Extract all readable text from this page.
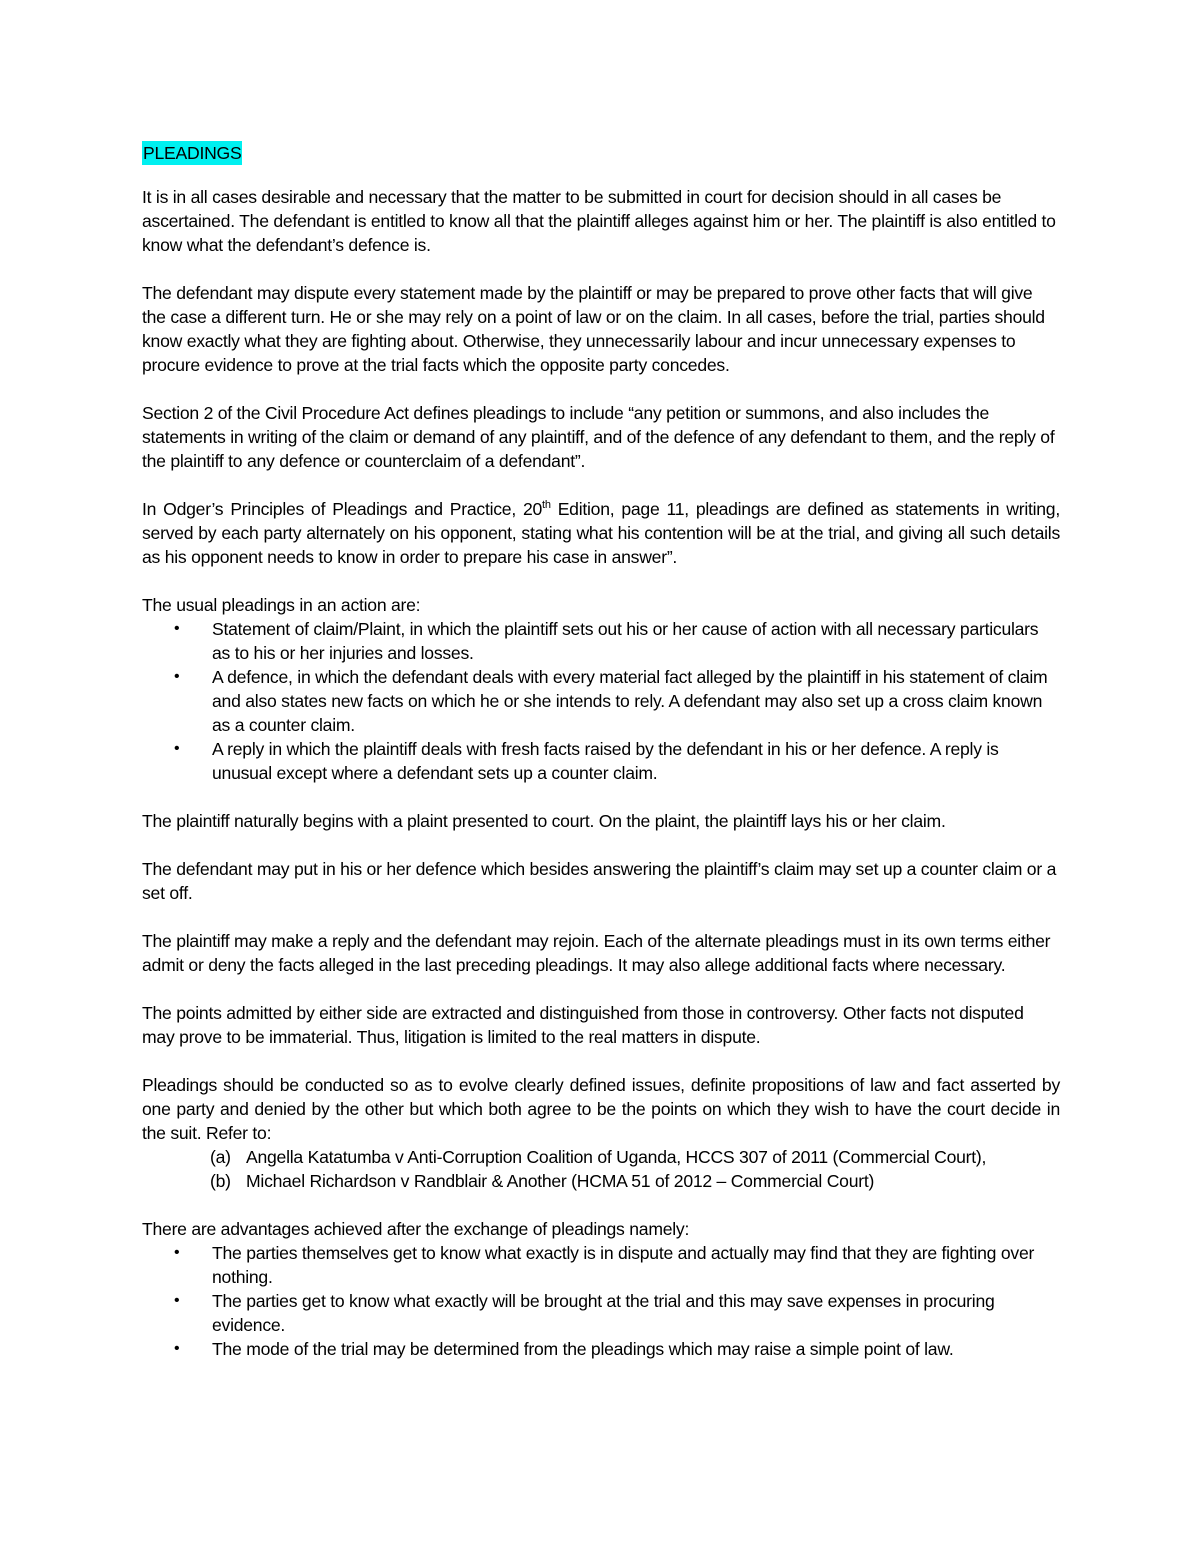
PLEADINGS

It is in all cases desirable and necessary that the matter to be submitted in court for decision should in all cases be ascertained. The defendant is entitled to know all that the plaintiff alleges against him or her. The plaintiff is also entitled to know what the defendant’s defence is.

The defendant may dispute every statement made by the plaintiff or may be prepared to prove other facts that will give the case a different turn. He or she may rely on a point of law or on the claim. In all cases, before the trial, parties should know exactly what they are fighting about. Otherwise, they unnecessarily labour and incur unnecessary expenses to procure evidence to prove at the trial facts which the opposite party concedes.

Section 2 of the Civil Procedure Act defines pleadings to include “any petition or summons, and also includes the statements in writing of the claim or demand of any plaintiff, and of the defence of any defendant to them, and the reply of the plaintiff to any defence or counterclaim of a defendant”.

In Odger’s Principles of Pleadings and Practice, 20th Edition, page 11, pleadings are defined as statements in writing, served by each party alternately on his opponent, stating what his contention will be at the trial, and giving all such details as his opponent needs to know in order to prepare his case in answer”.

The usual pleadings in an action are:

• Statement of claim/Plaint, in which the plaintiff sets out his or her cause of action with all necessary particulars as to his or her injuries and losses.
• A defence, in which the defendant deals with every material fact alleged by the plaintiff in his statement of claim and also states new facts on which he or she intends to rely. A defendant may also set up a cross claim known as a counter claim.
• A reply in which the plaintiff deals with fresh facts raised by the defendant in his or her defence. A reply is unusual except where a defendant sets up a counter claim.

The plaintiff naturally begins with a plaint presented to court. On the plaint, the plaintiff lays his or her claim.

The defendant may put in his or her defence which besides answering the plaintiff’s claim may set up a counter claim or a set off.

The plaintiff may make a reply and the defendant may rejoin. Each of the alternate pleadings must in its own terms either admit or deny the facts alleged in the last preceding pleadings. It may also allege additional facts where necessary.

The points admitted by either side are extracted and distinguished from those in controversy. Other facts not disputed may prove to be immaterial. Thus, litigation is limited to the real matters in dispute.

Pleadings should be conducted so as to evolve clearly defined issues, definite propositions of law and fact asserted by one party and denied by the other but which both agree to be the points on which they wish to have the court decide in the suit. Refer to:

(a) Angella Katatumba v Anti-Corruption Coalition of Uganda, HCCS 307 of 2011 (Commercial Court),
(b) Michael Richardson v Randblair & Another (HCMA 51 of 2012 – Commercial Court)

There are advantages achieved after the exchange of pleadings namely:

• The parties themselves get to know what exactly is in dispute and actually may find that they are fighting over nothing.
• The parties get to know what exactly will be brought at the trial and this may save expenses in procuring evidence.
• The mode of the trial may be determined from the pleadings which may raise a simple point of law.
